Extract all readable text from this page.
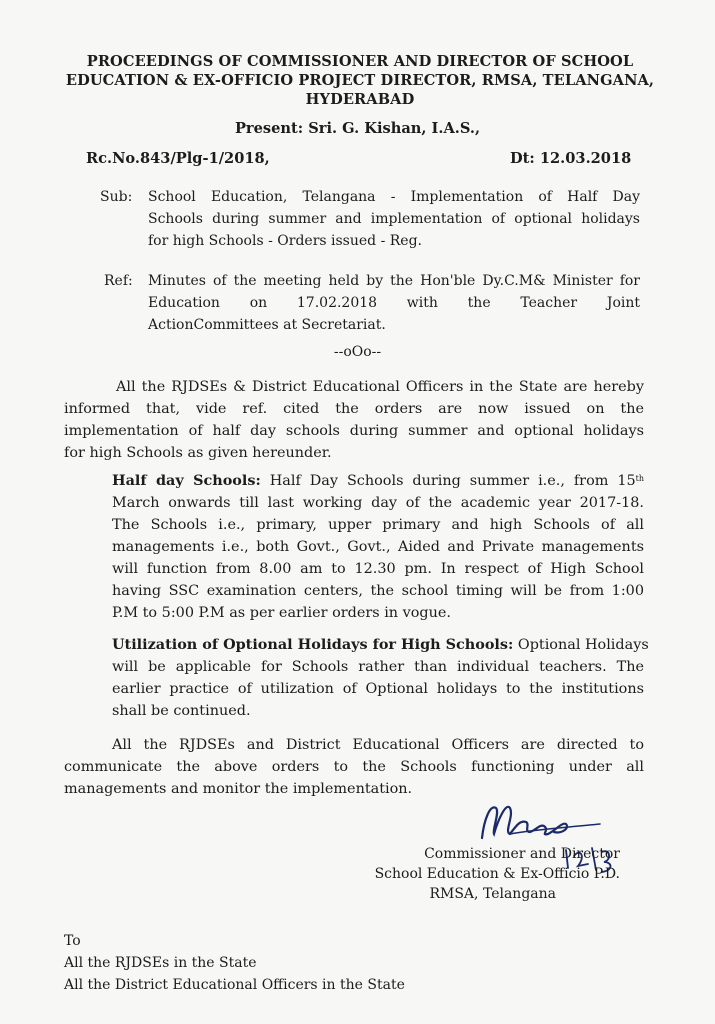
PROCEEDINGS OF COMMISSIONER AND DIRECTOR OF SCHOOL
EDUCATION & EX-OFFICIO PROJECT DIRECTOR, RMSA, TELANGANA,
HYDERABAD
Present: Sri. G. Kishan, I.A.S.,
Rc.No.843/Plg-1/2018,	Dt: 12.03.2018
Sub: School Education, Telangana - Implementation of Half Day
Schools during summer and implementation of optional holidays
for high Schools - Orders issued - Reg.
Ref: Minutes of the meeting held by the Hon'ble Dy.C.M& Minister for
Education on 17.02.2018 with the Teacher Joint
ActionCommittees at Secretariat.
--oOo--
All the RJDSEs & District Educational Officers in the State are hereby
informed that, vide ref. cited the orders are now issued on the
implementation of half day schools during summer and optional holidays
for high Schools as given hereunder.
Half day Schools: Half Day Schools during summer i.e., from 15th
March onwards till last working day of the academic year 2017-18.
The Schools i.e., primary, upper primary and high Schools of all
managements i.e., both Govt., Govt., Aided and Private managements
will function from 8.00 am to 12.30 pm. In respect of High School
having SSC examination centers, the school timing will be from 1:00
P.M to 5:00 P.M as per earlier orders in vogue.
Utilization of Optional Holidays for High Schools: Optional Holidays
will be applicable for Schools rather than individual teachers. The
earlier practice of utilization of Optional holidays to the institutions
shall be continued.
All the RJDSEs and District Educational Officers are directed to
communicate the above orders to the Schools functioning under all
managements and monitor the implementation.
Commissioner and Director
School Education & Ex-Officio P.D.
RMSA, Telangana
To
All the RJDSEs in the State
All the District Educational Officers in the State
